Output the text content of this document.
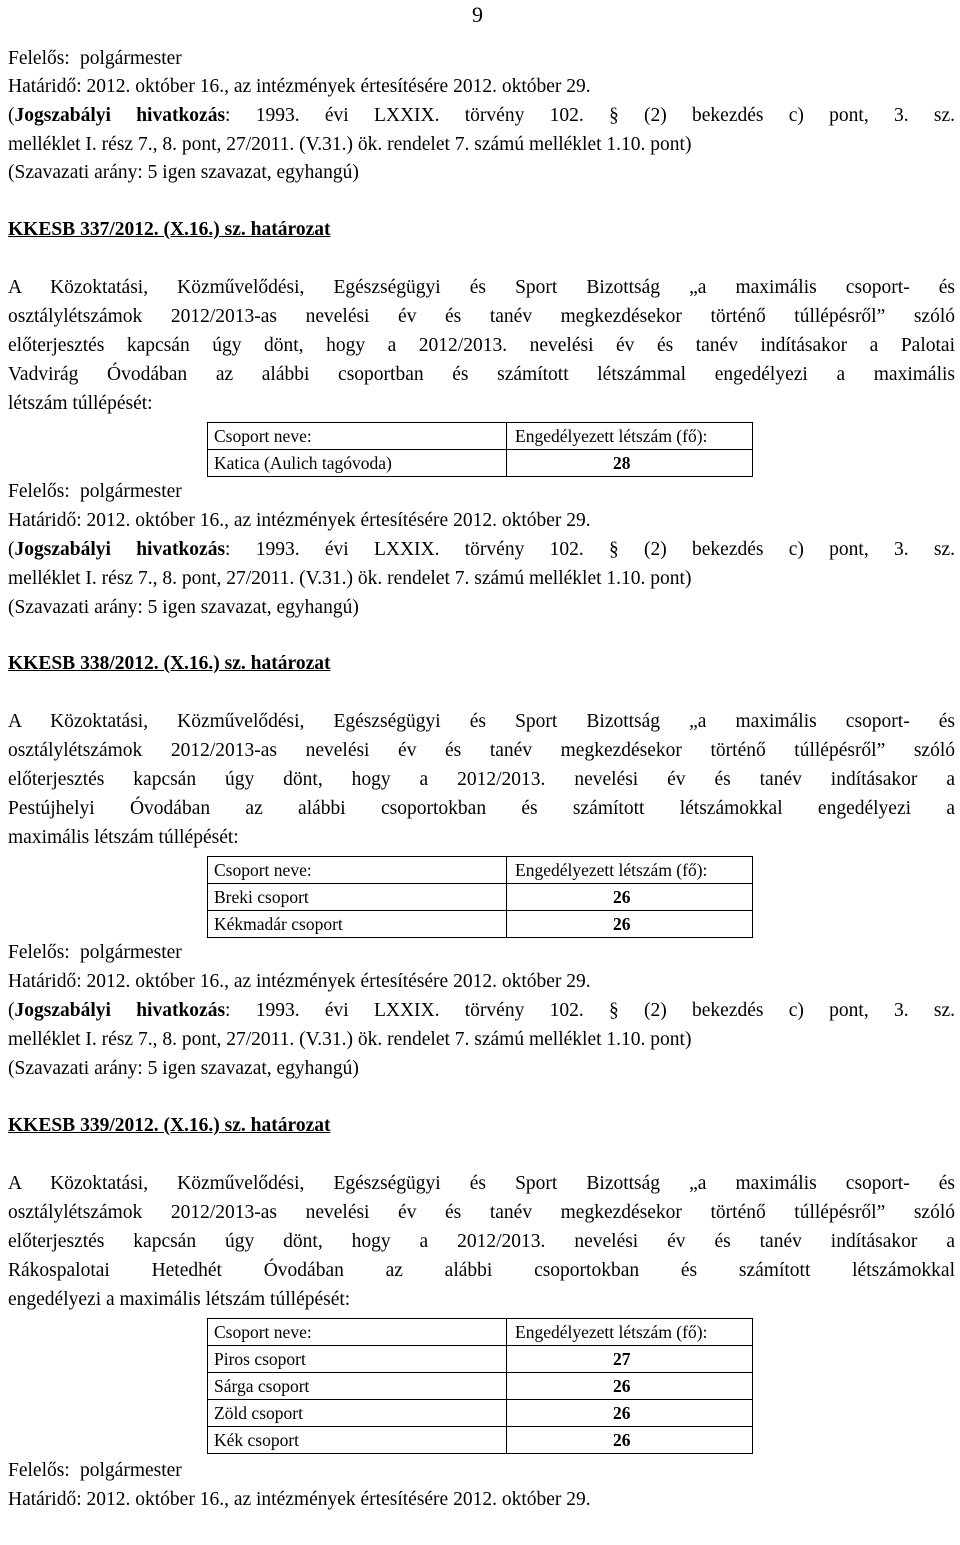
9
Felelős: polgármester
Határidő: 2012. október 16., az intézmények értesítésére 2012. október 29.
(Jogszabályi hivatkozás: 1993. évi LXXIX. törvény 102. § (2) bekezdés c) pont, 3. sz.
melléklet I. rész 7., 8. pont, 27/2011. (V.31.) ök. rendelet 7. számú melléklet 1.10. pont)
(Szavazati arány: 5 igen szavazat, egyhangú)
KKESB 337/2012. (X.16.) sz. határozat
A Közoktatási, Közművelődési, Egészségügyi és Sport Bizottság „a maximális csoport- és
osztálylétszámok 2012/2013-as nevelési év és tanév megkezdésekor történő túllépésről” szóló
előterjesztés kapcsán úgy dönt, hogy a 2012/2013. nevelési év és tanév indításakor a Palotai
Vadvirág Óvodában az alábbi csoportban és számított létszámmal engedélyezi a maximális
létszám túllépését:
Csoport neve:	Engedélyezett létszám (fő):
Katica (Aulich tagóvoda)	28
Felelős: polgármester
Határidő: 2012. október 16., az intézmények értesítésére 2012. október 29.
(Jogszabályi hivatkozás: 1993. évi LXXIX. törvény 102. § (2) bekezdés c) pont, 3. sz.
melléklet I. rész 7., 8. pont, 27/2011. (V.31.) ök. rendelet 7. számú melléklet 1.10. pont)
(Szavazati arány: 5 igen szavazat, egyhangú)
KKESB 338/2012. (X.16.) sz. határozat
A Közoktatási, Közművelődési, Egészségügyi és Sport Bizottság „a maximális csoport- és
osztálylétszámok 2012/2013-as nevelési év és tanév megkezdésekor történő túllépésről” szóló
előterjesztés kapcsán úgy dönt, hogy a 2012/2013. nevelési év és tanév indításakor a
Pestújhelyi Óvodában az alábbi csoportokban és számított létszámokkal engedélyezi a
maximális létszám túllépését:
Csoport neve:	Engedélyezett létszám (fő):
Breki csoport	26
Kékmadár csoport	26
Felelős: polgármester
Határidő: 2012. október 16., az intézmények értesítésére 2012. október 29.
(Jogszabályi hivatkozás: 1993. évi LXXIX. törvény 102. § (2) bekezdés c) pont, 3. sz.
melléklet I. rész 7., 8. pont, 27/2011. (V.31.) ök. rendelet 7. számú melléklet 1.10. pont)
(Szavazati arány: 5 igen szavazat, egyhangú)
KKESB 339/2012. (X.16.) sz. határozat
A Közoktatási, Közművelődési, Egészségügyi és Sport Bizottság „a maximális csoport- és
osztálylétszámok 2012/2013-as nevelési év és tanév megkezdésekor történő túllépésről” szóló
előterjesztés kapcsán úgy dönt, hogy a 2012/2013. nevelési év és tanév indításakor a
Rákospalotai Hetedhét Óvodában az alábbi csoportokban és számított létszámokkal
engedélyezi a maximális létszám túllépését:
Csoport neve:	Engedélyezett létszám (fő):
Piros csoport	27
Sárga csoport	26
Zöld csoport	26
Kék csoport	26
Felelős: polgármester
Határidő: 2012. október 16., az intézmények értesítésére 2012. október 29.
